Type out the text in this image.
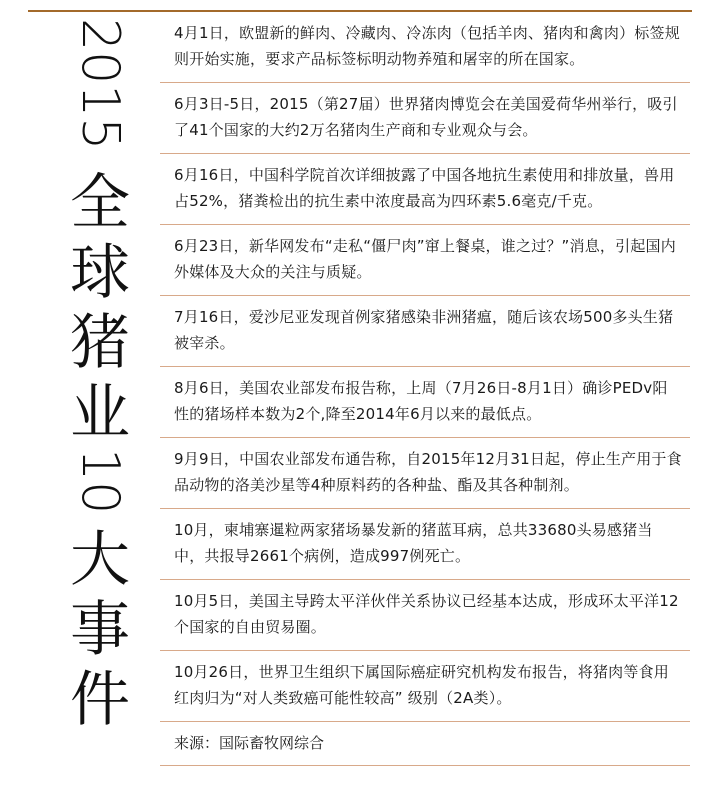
2015
全
球
猪
业
10
大
事
件
4月1日，欧盟新的鲜肉、冷藏肉、冷冻肉（包括羊肉、猪肉和禽肉）标签规则开始实施，要求产品标签标明动物养殖和屠宰的所在国家。
6月3日-5日，2015（第27届）世界猪肉博览会在美国爱荷华州举行，吸引了41个国家的大约2万名猪肉生产商和专业观众与会。
6月16日，中国科学院首次详细披露了中国各地抗生素使用和排放量，兽用占52%，猪粪检出的抗生素中浓度最高为四环素5.6毫克/千克。
6月23日，新华网发布“走私“僵尸肉”窜上餐桌，谁之过？”消息，引起国内外媒体及大众的关注与质疑。
7月16日，爱沙尼亚发现首例家猪感染非洲猪瘟，随后该农场500多头生猪被宰杀。
8月6日，美国农业部发布报告称，上周（7月26日-8月1日）确诊PEDv阳性的猪场样本数为2个,降至2014年6月以来的最低点。
9月9日，中国农业部发布通告称，自2015年12月31日起，停止生产用于食品动物的洛美沙星等4种原料药的各种盐、酯及其各种制剂。
10月，柬埔寨暹粒两家猪场暴发新的猪蓝耳病，总共33680头易感猪当中，共报导2661个病例，造成997例死亡。
10月5日，美国主导跨太平洋伙伴关系协议已经基本达成，形成环太平洋12个国家的自由贸易圈。
10月26日，世界卫生组织下属国际癌症研究机构发布报告，将猪肉等食用红肉归为“对人类致癌可能性较高” 级别（2A类）。
来源：国际畜牧网综合
